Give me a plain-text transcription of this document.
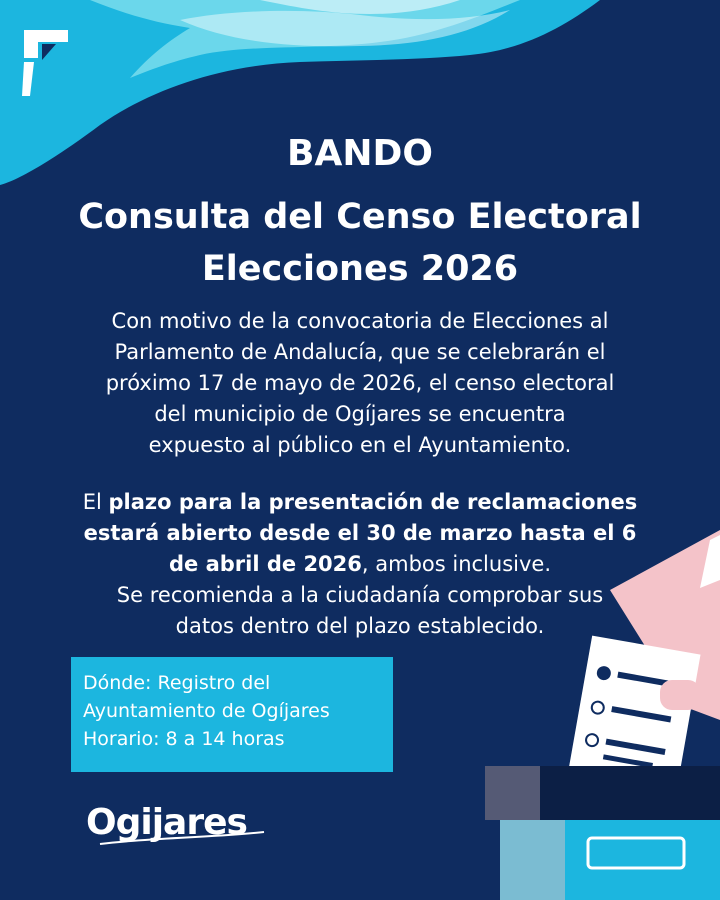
BANDO
Consulta del Censo Electoral
Elecciones 2026
Con motivo de la convocatoria de Elecciones al
Parlamento de Andalucía, que se celebrarán el
próximo 17 de mayo de 2026, el censo electoral
del municipio de Ogíjares se encuentra
expuesto al público en el Ayuntamiento.
El plazo para la presentación de reclamaciones
estará abierto desde el 30 de marzo hasta el 6
de abril de 2026, ambos inclusive.
Se recomienda a la ciudadanía comprobar sus
datos dentro del plazo establecido.
Dónde: Registro del
Ayuntamiento de Ogíjares
Horario: 8 a 14 horas
Ogijares
